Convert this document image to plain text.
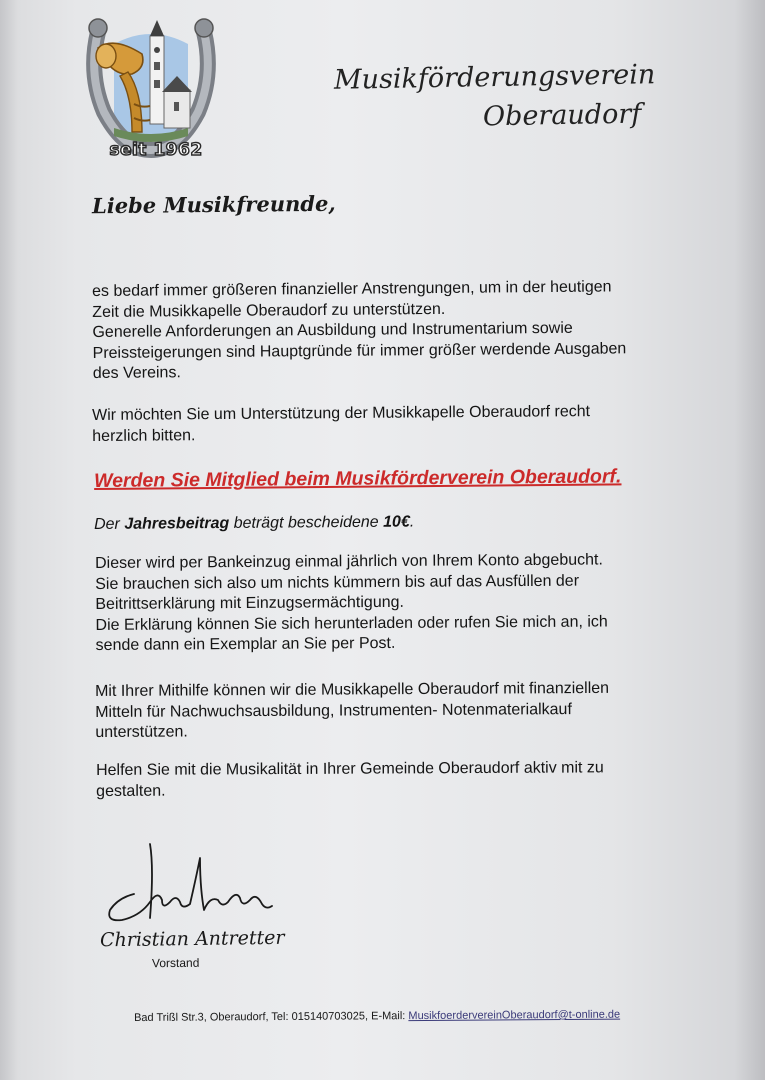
seit 1962
Musikförderungsverein
Oberaudorf
Liebe Musikfreunde,
es bedarf immer größeren finanzieller Anstrengungen, um in der heutigen
Zeit die Musikkapelle Oberaudorf zu unterstützen.
Generelle Anforderungen an Ausbildung und Instrumentarium sowie
Preissteigerungen sind Hauptgründe für immer größer werdende Ausgaben
des Vereins.
Wir möchten Sie um Unterstützung der Musikkapelle Oberaudorf recht
herzlich bitten.
Werden Sie Mitglied beim Musikförderverein Oberaudorf.
Der Jahresbeitrag beträgt bescheidene 10€.
Dieser wird per Bankeinzug einmal jährlich von Ihrem Konto abgebucht.
Sie brauchen sich also um nichts kümmern bis auf das Ausfüllen der
Beitrittserklärung mit Einzugsermächtigung.
Die Erklärung können Sie sich herunterladen oder rufen Sie mich an, ich
sende dann ein Exemplar an Sie per Post.
Mit Ihrer Mithilfe können wir die Musikkapelle Oberaudorf mit finanziellen
Mitteln für Nachwuchsausbildung, Instrumenten- Notenmaterialkauf
unterstützen.
Helfen Sie mit die Musikalität in Ihrer Gemeinde Oberaudorf aktiv mit zu
gestalten.
Christian Antretter
Vorstand
Bad Trißl Str.3, Oberaudorf, Tel: 015140703025, E-Mail: MusikfoerdervereinOberaudorf@t-online.de
